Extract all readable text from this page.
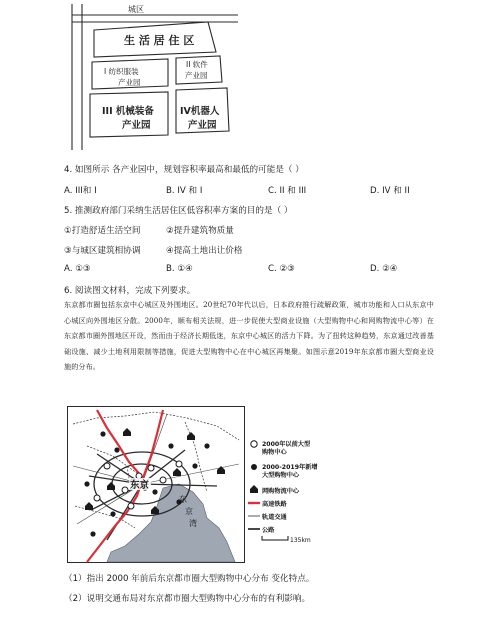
城区
生 活 居 住 区
I 纺织服装
产业园
II 软件
产业园
III 机械装备
产业园
IV机器人
产业园
4. 如图所示 各产业园中，规划容积率最高和最低的可能是（ ）
A. III和 I	B. IV 和 I	C. II 和 III	D. IV 和 II
5. 推测政府部门采纳生活居住区低容积率方案的目的是（ ）
①打造舒适生活空间	②提升建筑物质量
③与城区建筑相协调	④提高土地出让价格
A. ①③	B. ①④	C. ②③	D. ②④
6. 阅读图文材料，完成下列要求。
东京都市圈包括东京中心城区及外围地区。20世纪70年代以后，日本政府推行疏解政策，城市功能和人口从东京中心城区向外围地区分散。2000年，顺布相关法规，进一步促使大型商业设施（大型购物中心和网购物流中心等）在东京都市圈外围地区开设，然而由于经济长期低迷，东京中心城区的活力下降。为了扭转这种趋势，东京通过改善基础设施、减少土地利用限制等措施，促进大型购物中心在中心城区再集聚。如图示意2019年东京都市圈大型商业设施的分布。
东京
东
京
湾
2000年以前大型
购物中心
2000-2019年新增
大型购物中心
网购物流中心
高速铁路
轨道交通
公路
135km
（1）指出 2000 年前后东京都市圈大型购物中心分布 变化特点。
（2）说明交通布局对东京都市圈大型购物中心分布的有利影响。
